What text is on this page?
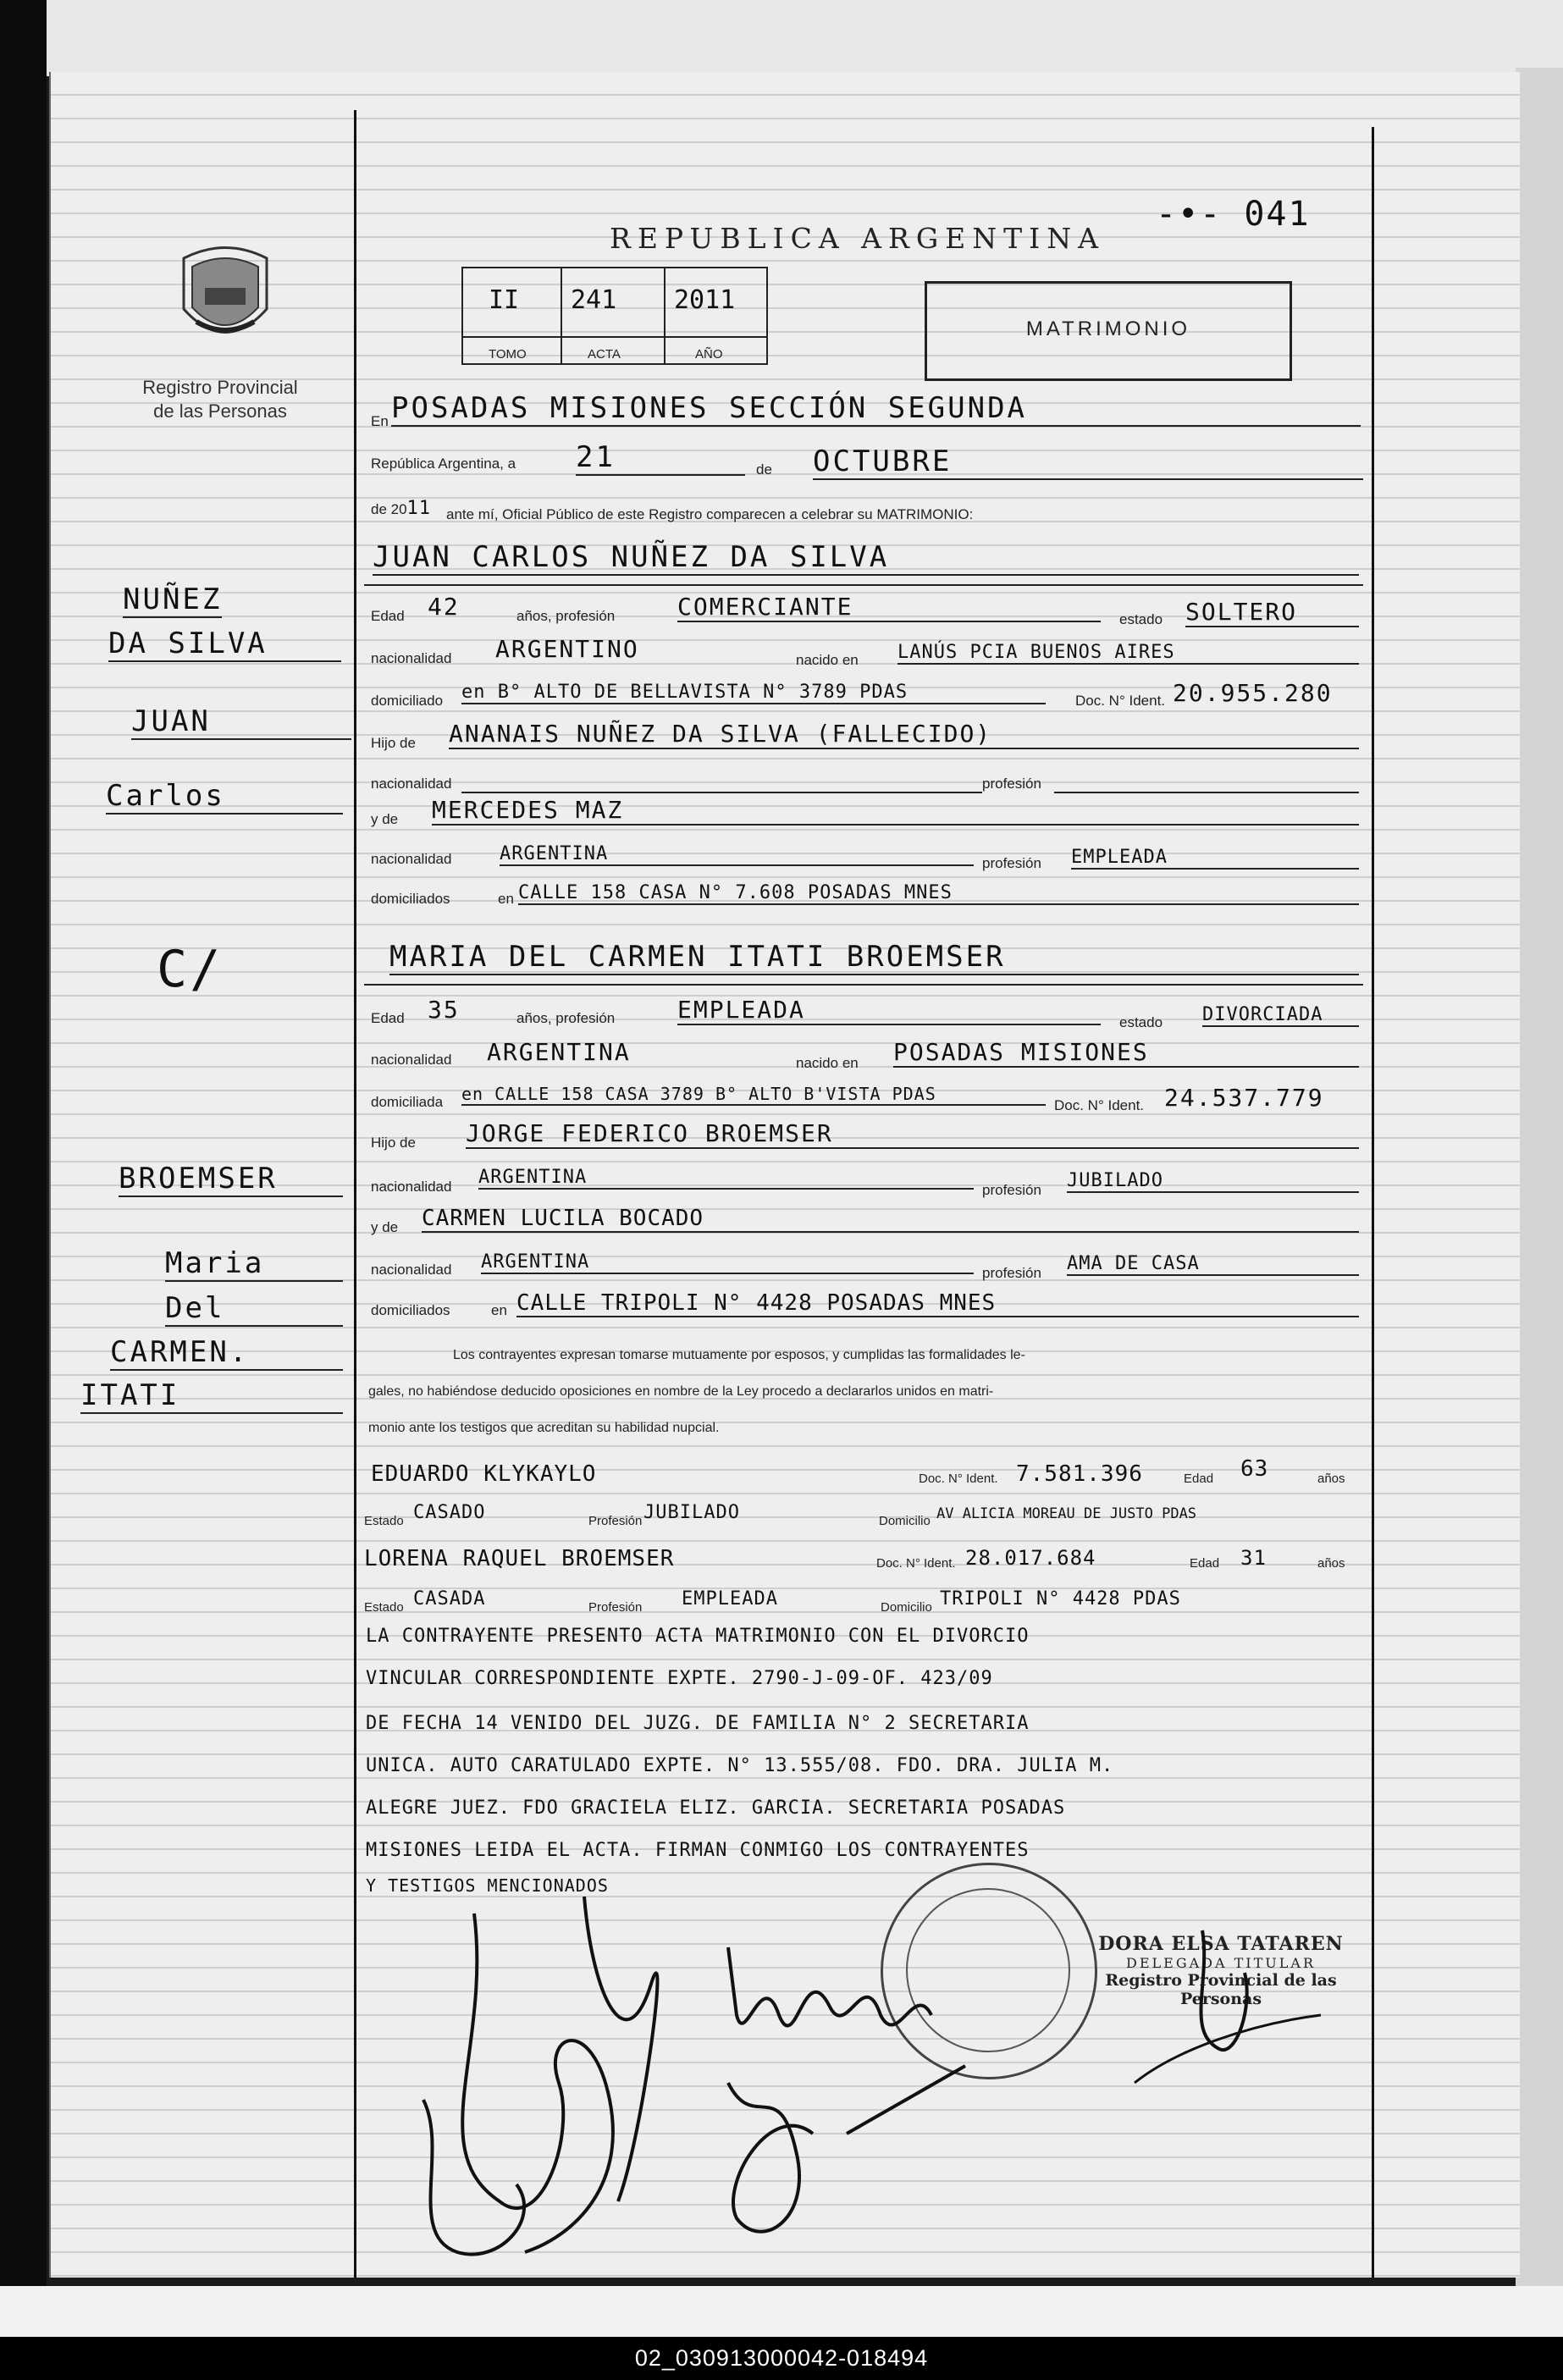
REPUBLICA ARGENTINA
-•- 041
II
TOMO
241
ACTA
2011
AÑO
MATRIMONIO
Registro Provincial
de las Personas
NUÑEZ
DA SILVA
JUAN
Carlos
C/
BROEMSER
Maria
Del
CARMEN.
ITATI
En POSADAS MISIONES SECCIÓN SEGUNDA
República Argentina, a 21	de OCTUBRE
de 2011 ante mí, Oficial Público de este Registro comparecen a celebrar su MATRIMONIO:
JUAN CARLOS NUÑEZ DA SILVA
Edad 42	años, profesión	COMERCIANTE	estado SOLTERO
nacionalidad ARGENTINO	nacido en LANÚS PCIA BUENOS AIRES
domiciliado en B° ALTO DE BELLAVISTA N° 3789 PDAS	Doc. N° Ident. 20.955.280
Hijo de ANANAIS NUÑEZ DA SILVA (FALLECIDO)
nacionalidad	profesión
y de MERCEDES MAZ
nacionalidad	ARGENTINA	profesión EMPLEADA
domiciliados	en CALLE 158 CASA N° 7.608 POSADAS MNES
MARIA DEL CARMEN ITATI BROEMSER
Edad 35	años, profesión	EMPLEADA	estado DIVORCIADA
nacionalidad ARGENTINA	nacido en POSADAS MISIONES
domiciliada en CALLE 158 CASA 3789 B° ALTO B'VISTA PDAS
Doc. N° Ident. 24.537.779
Hijo de JORGE FEDERICO BROEMSER
nacionalidad ARGENTINA
profesión JUBILADO
y de CARMEN LUCILA BOCADO
nacionalidad ARGENTINA
profesión AMA DE CASA
domiciliados	en CALLE TRIPOLI N° 4428 POSADAS MNES
Los contrayentes expresan tomarse mutuamente por esposos, y cumplidas las formalidades le-
gales, no habiéndose deducido oposiciones en nombre de la Ley procedo a declararlos unidos en matri-
monio ante los testigos que acreditan su habilidad nupcial.
EDUARDO KLYKAYLO	Doc. N° Ident. 7.581.396	Edad 63	años
Estado CASADO	Profesión JUBILADO	Domicilio AV ALICIA MOREAU DE JUSTO PDAS
LORENA RAQUEL BROEMSER	Doc. N° Ident. 28.017.684	Edad 31	años
Estado CASADA	Profesión EMPLEADA	Domicilio TRIPOLI N° 4428 PDAS
LA CONTRAYENTE PRESENTO ACTA MATRIMONIO CON EL DIVORCIO
VINCULAR CORRESPONDIENTE EXPTE. 2790-J-09-OF. 423/09
DE FECHA 14 VENIDO DEL JUZG. DE FAMILIA N° 2 SECRETARIA
UNICA. AUTO CARATULADO EXPTE. N° 13.555/08. FDO. DRA. JULIA M.
ALEGRE JUEZ. FDO GRACIELA ELIZ. GARCIA. SECRETARIA POSADAS
MISIONES LEIDA EL ACTA. FIRMAN CONMIGO LOS CONTRAYENTES
Y TESTIGOS MENCIONADOS
DORA ELSA TATAREN
DELEGADA TITULAR
Registro Provincial de las Personas
02_030913000042-018494
